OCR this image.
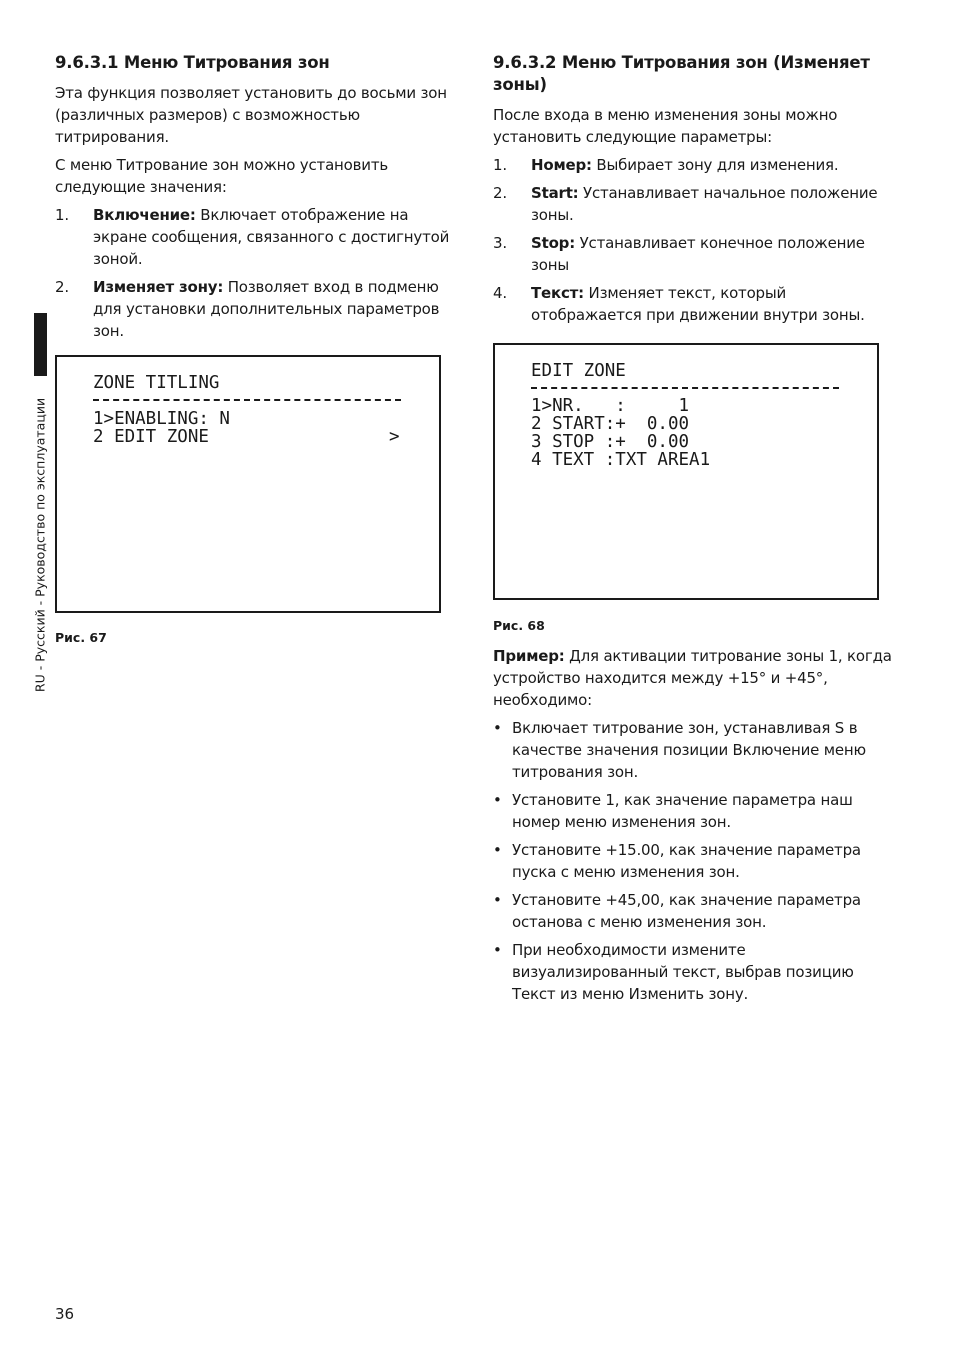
RU - Русский - Руководство по эксплуатации
9.6.3.1 Меню Титрования зон

Эта функция позволяет установить до восьми зон (различных размеров) с возможностью титрирования.

С меню Титрование зон можно установить следующие значения:

1. Включение: Включает отображение на экране сообщения, связанного с достигнутой зоной.
2. Изменяет зону: Позволяет вход в подменю для установки дополнительных параметров зон.
ZONE TITLING
1>ENABLING: N
2 EDIT ZONE	>
Рис. 67
9.6.3.2 Меню Титрования зон (Изменяет зоны)

После входа в меню изменения зоны можно установить следующие параметры:

1. Номер: Выбирает зону для изменения.
2. Start: Устанавливает начальное положение зоны.
3. Stop: Устанавливает конечное положение зоны
4. Текст: Изменяет текст, который отображается при движении внутри зоны.
EDIT ZONE
1>NR.   :     1
2 START:+  0.00
3 STOP :+  0.00
4 TEXT :TXT AREA1
Рис. 68

Пример: Для активации титрование зоны 1, когда устройство находится между +15° и +45°, необходимо:

• Включает титрование зон, устанавливая S в качестве значения позиции Включение меню титрования зон.
• Установите 1, как значение параметра наш номер меню изменения зон.
• Установите +15.00, как значение параметра пуска с меню изменения зон.
• Установите +45,00, как значение параметра останова с меню изменения зон.
• При необходимости измените визуализированный текст, выбрав позицию Текст из меню Изменить зону.
36
